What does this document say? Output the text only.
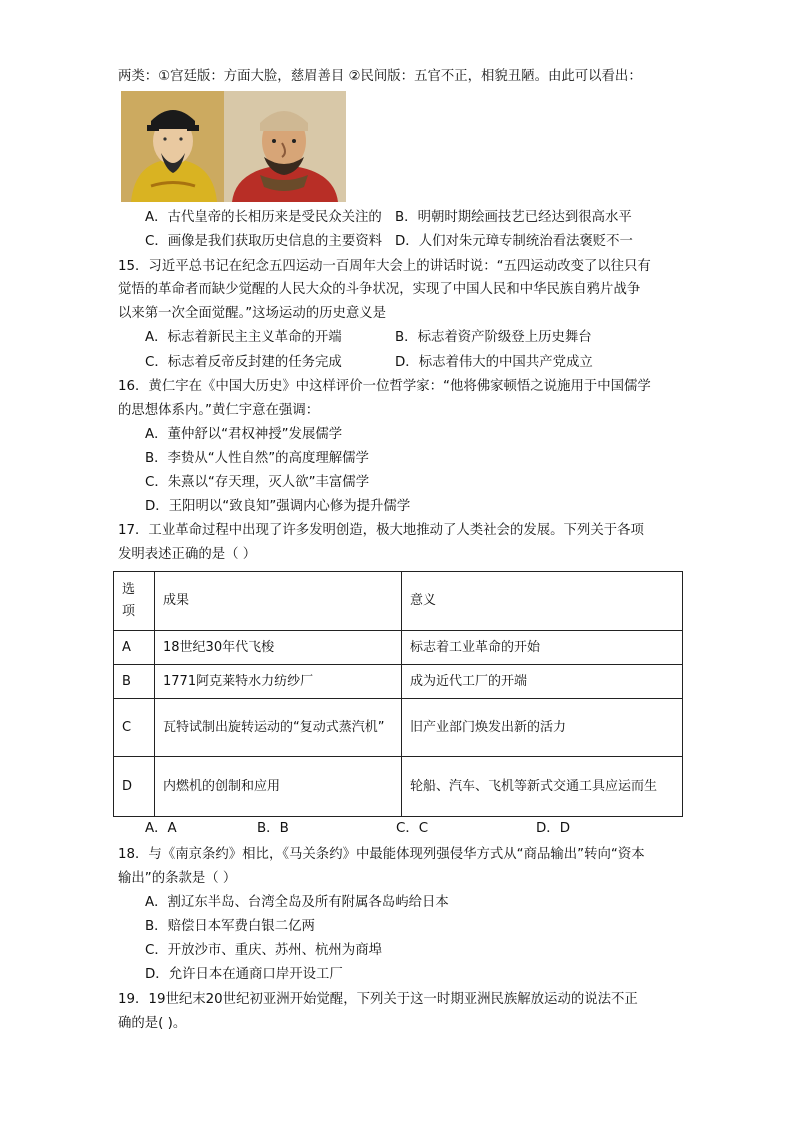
两类：①宫廷版：方面大脸，慈眉善目 ②民间版：五官不正，相貌丑陋。由此可以看出：
A．古代皇帝的长相历来是受民众关注的 B．明朝时期绘画技艺已经达到很高水平
C．画像是我们获取历史信息的主要资料 D．人们对朱元璋专制统治看法褒贬不一
15．习近平总书记在纪念五四运动一百周年大会上的讲话时说：“五四运动改变了以往只有
觉悟的革命者而缺少觉醒的人民大众的斗争状况，实现了中国人民和中华民族自鸦片战争
以来第一次全面觉醒。”这场运动的历史意义是
A．标志着新民主主义革命的开端	B．标志着资产阶级登上历史舞台
C．标志着反帝反封建的任务完成	D．标志着伟大的中国共产党成立
16．黄仁宇在《中国大历史》中这样评价一位哲学家：“他将佛家顿悟之说施用于中国儒学
的思想体系内。”黄仁宇意在强调：
A．董仲舒以“君权神授”发展儒学
B．李贽从“人性自然”的高度理解儒学
C．朱熹以“存天理，灭人欲”丰富儒学
D．王阳明以“致良知”强调内心修为提升儒学
17．工业革命过程中出现了许多发明创造，极大地推动了人类社会的发展。下列关于各项
发明表述正确的是（ ）
选项	成果	意义
A	18世纪30年代飞梭	标志着工业革命的开始
B	1771阿克莱特水力纺纱厂	成为近代工厂的开端
C	瓦特试制出旋转运动的“复动式蒸汽机”	旧产业部门焕发出新的活力
D	内燃机的创制和应用	轮船、汽车、飞机等新式交通工具应运而生
A．A	B．B	C．C	D．D
18．与《南京条约》相比，《马关条约》中最能体现列强侵华方式从“商品输出”转向“资本
输出”的条款是（ ）
A．割辽东半岛、台湾全岛及所有附属各岛屿给日本
B．赔偿日本军费白银二亿两
C．开放沙市、重庆、苏州、杭州为商埠
D．允许日本在通商口岸开设工厂
19．19世纪末20世纪初亚洲开始觉醒，下列关于这一时期亚洲民族解放运动的说法不正
确的是( )。
